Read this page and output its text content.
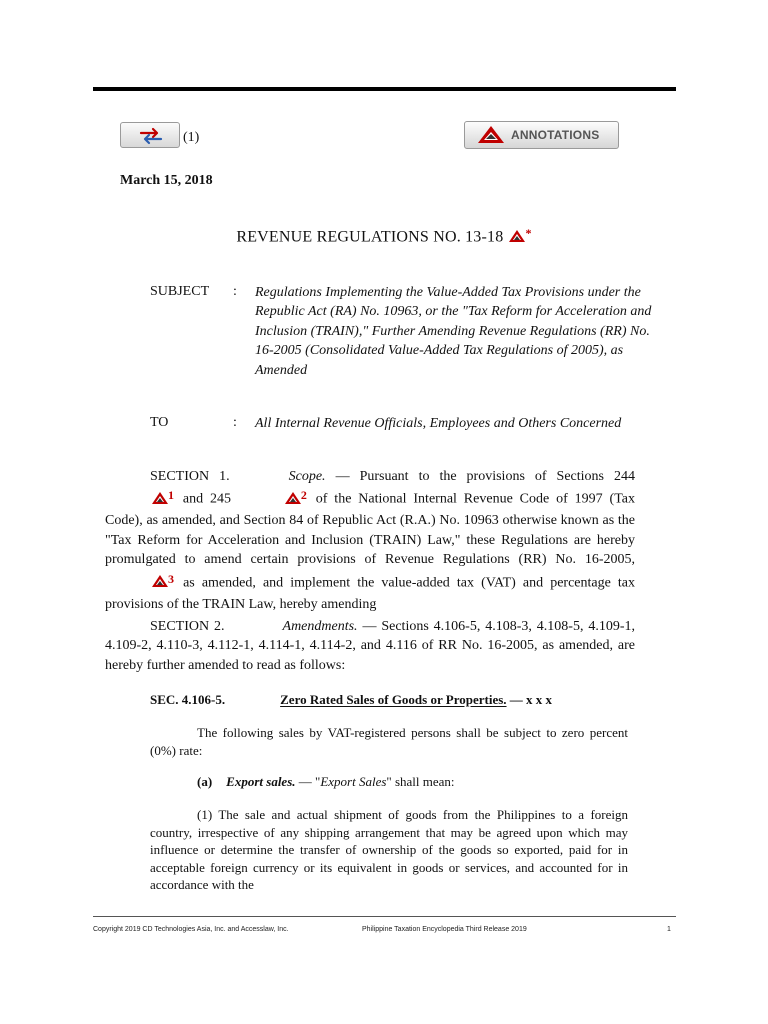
(1)	ANNOTATIONS
March 15, 2018
REVENUE REGULATIONS NO. 13-18 *
SUBJECT : Regulations Implementing the Value-Added Tax Provisions under the Republic Act (RA) No. 10963, or the "Tax Reform for Acceleration and Inclusion (TRAIN)," Further Amending Revenue Regulations (RR) No. 16-2005 (Consolidated Value-Added Tax Regulations of 2005), as Amended
TO	: All Internal Revenue Officials, Employees and Others Concerned
SECTION 1.	Scope. — Pursuant to the provisions of Sections 244 $^1$ and 245	$^2$ of the National Internal Revenue Code of 1997 (Tax Code), as amended, and Section 84 of Republic Act (R.A.) No. 10963 otherwise known as the "Tax Reform for Acceleration and Inclusion (TRAIN) Law," these Regulations are hereby promulgated to amend certain provisions of Revenue Regulations (RR) No. 16-2005, $^3$ as amended, and implement the value-added tax (VAT) and percentage tax provisions of the TRAIN Law, hereby amending
SECTION 2.	Amendments. — Sections 4.106-5, 4.108-3, 4.108-5, 4.109-1, 4.109-2, 4.110-3, 4.112-1, 4.114-1, 4.114-2, and 4.116 of RR No. 16-2005, as amended, are hereby further amended to read as follows:
SEC. 4.106-5.	Zero Rated Sales of Goods or Properties. — x x x
The following sales by VAT-registered persons shall be subject to zero percent (0%) rate:
(a) Export sales. — "Export Sales" shall mean:
(1) The sale and actual shipment of goods from the Philippines to a foreign country, irrespective of any shipping arrangement that may be agreed upon which may influence or determine the transfer of ownership of the goods so exported, paid for in acceptable foreign currency or its equivalent in goods or services, and accounted for in accordance with the
Copyright 2019 CD Technologies Asia, Inc. and Accesslaw, Inc.	Philippine Taxation Encyclopedia Third Release 2019	1
